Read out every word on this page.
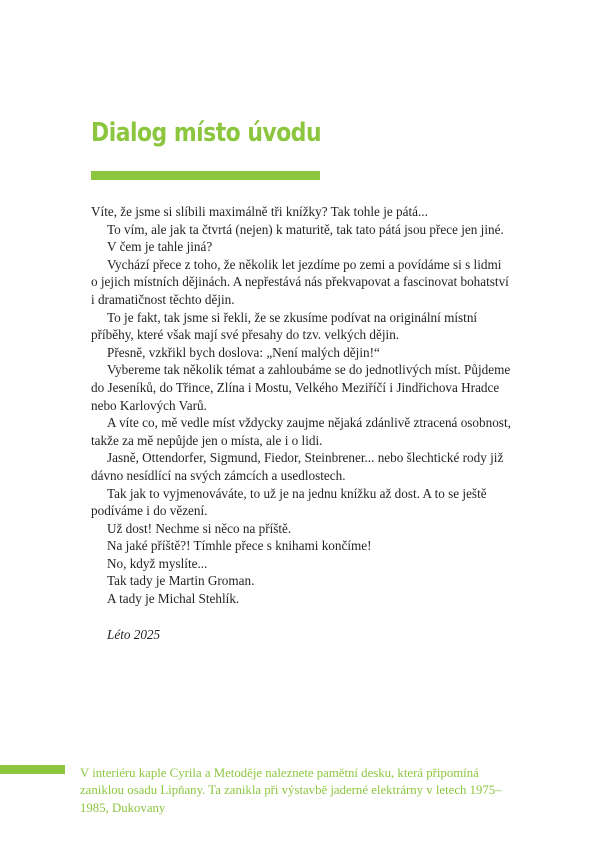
Dialog místo úvodu

Víte, že jsme si slíbili maximálně tři knížky? Tak tohle je pátá...

To vím, ale jak ta čtvrtá (nejen) k maturitě, tak tato pátá jsou přece jen jiné.

V čem je tahle jiná?

Vychází přece z toho, že několik let jezdíme po zemi a povídáme si s lidmi o jejich místních dějinách. A nepřestává nás překvapovat a fascinovat bohatství i dramatičnost těchto dějin.

To je fakt, tak jsme si řekli, že se zkusíme podívat na originální místní příběhy, které však mají své přesahy do tzv. velkých dějin.

Přesně, vzkřikl bych doslova: „Není malých dějin!“

Vybereme tak několik témat a zahloubáme se do jednotlivých míst. Půjdeme do Jeseníků, do Třince, Zlína i Mostu, Velkého Meziříčí i Jindřichova Hradce nebo Karlových Varů.

A víte co, mě vedle míst vždycky zaujme nějaká zdánlivě ztracená osobnost, takže za mě nepůjde jen o místa, ale i o lidi.

Jasně, Ottendorfer, Sigmund, Fiedor, Steinbrener... nebo šlechtické rody již dávno nesídlící na svých zámcích a usedlostech.

Tak jak to vyjmenováváte, to už je na jednu knížku až dost. A to se ještě podíváme i do vězení.

Už dost! Nechme si něco na příště.

Na jaké příště?! Tímhle přece s knihami končíme!

No, když myslíte...

Tak tady je Martin Groman.

A tady je Michal Stehlík.

Léto 2025
V interiéru kaple Cyrila a Metoděje naleznete pamětní desku, která připomíná zaniklou osadu Lipňany. Ta zanikla při výstavbě jaderné elektrárny v letech 1975–1985, Dukovany
